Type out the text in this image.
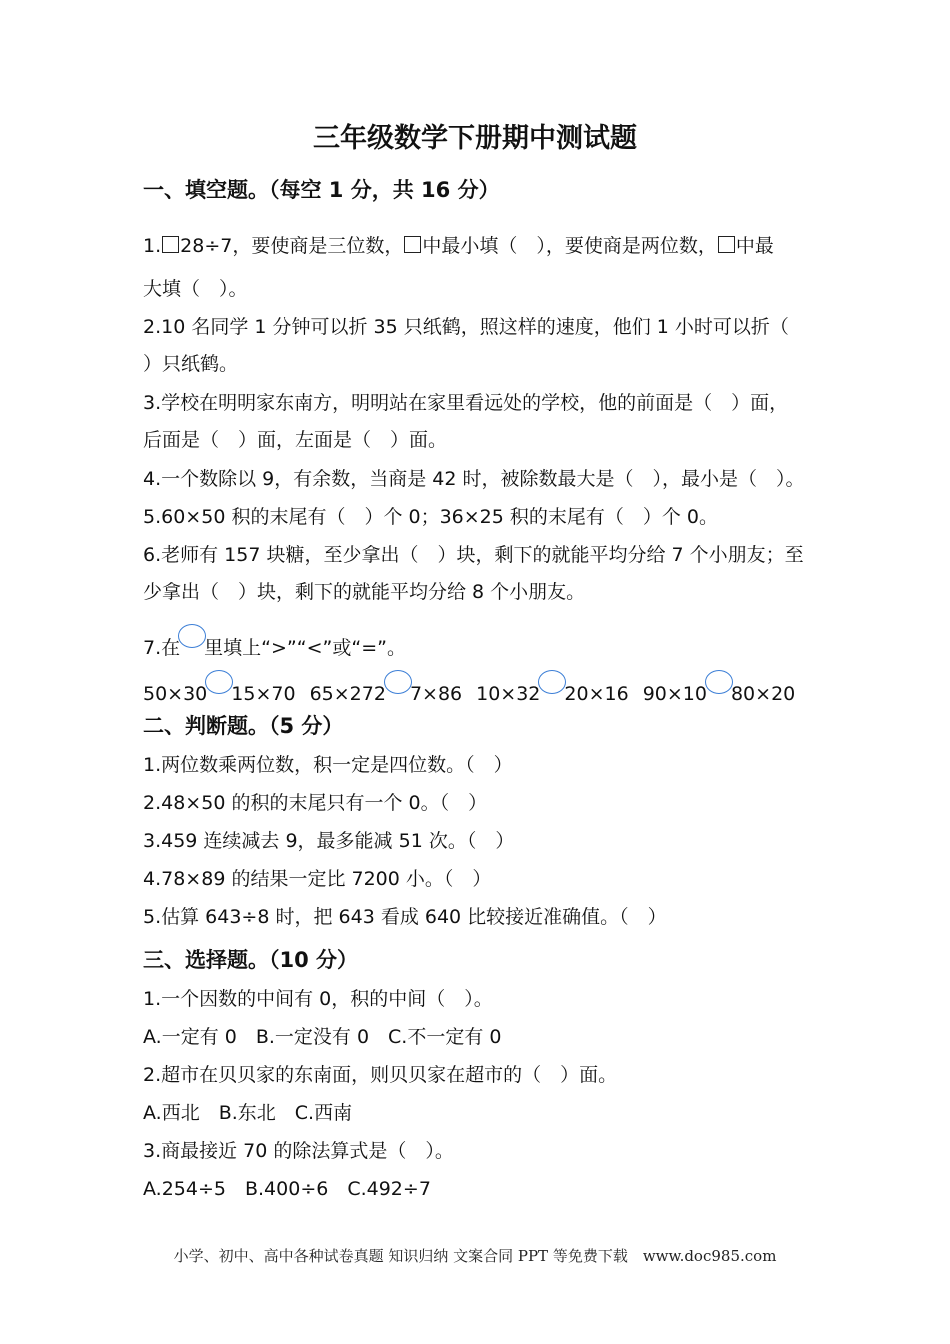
三年级数学下册期中测试题
一、填空题。（每空 1 分，共 16 分）
1. 28÷7，要使商是三位数， 中最小填（　），要使商是两位数， 中最
大填（　）。
2.10 名同学 1 分钟可以折 35 只纸鹤，照这样的速度，他们 1 小时可以折（
）只纸鹤。
3.学校在明明家东南方，明明站在家里看远处的学校，他的前面是（　）面，
后面是（　）面，左面是（　）面。
4.一个数除以 9，有余数，当商是 42 时，被除数最大是（　），最小是（　）。
5.60×50 积的末尾有（　）个 0；36×25 积的末尾有（　）个 0。
6.老师有 157 块糖，至少拿出（　）块，剩下的就能平均分给 7 个小朋友；至
少拿出（　）块，剩下的就能平均分给 8 个小朋友。
7.在 里填上“>”“<”或“=”。
50×30 15×70 65×272 7×86 10×32 20×16 90×10 80×20
二、判断题。（5 分）
1.两位数乘两位数，积一定是四位数。（　）
2.48×50 的积的末尾只有一个 0。（　）
3.459 连续减去 9，最多能减 51 次。（　）
4.78×89 的结果一定比 7200 小。（　）
5.估算 643÷8 时，把 643 看成 640 比较接近准确值。（　）
三、选择题。（10 分）
1.一个因数的中间有 0，积的中间（　）。
A.一定有 0　B.一定没有 0　C.不一定有 0
2.超市在贝贝家的东南面，则贝贝家在超市的（　）面。
A.西北　B.东北　C.西南
3.商最接近 70 的除法算式是（　）。
A.254÷5　B.400÷6　C.492÷7
小学、初中、高中各种试卷真题 知识归纳 文案合同 PPT 等免费下载　www.doc985.com
